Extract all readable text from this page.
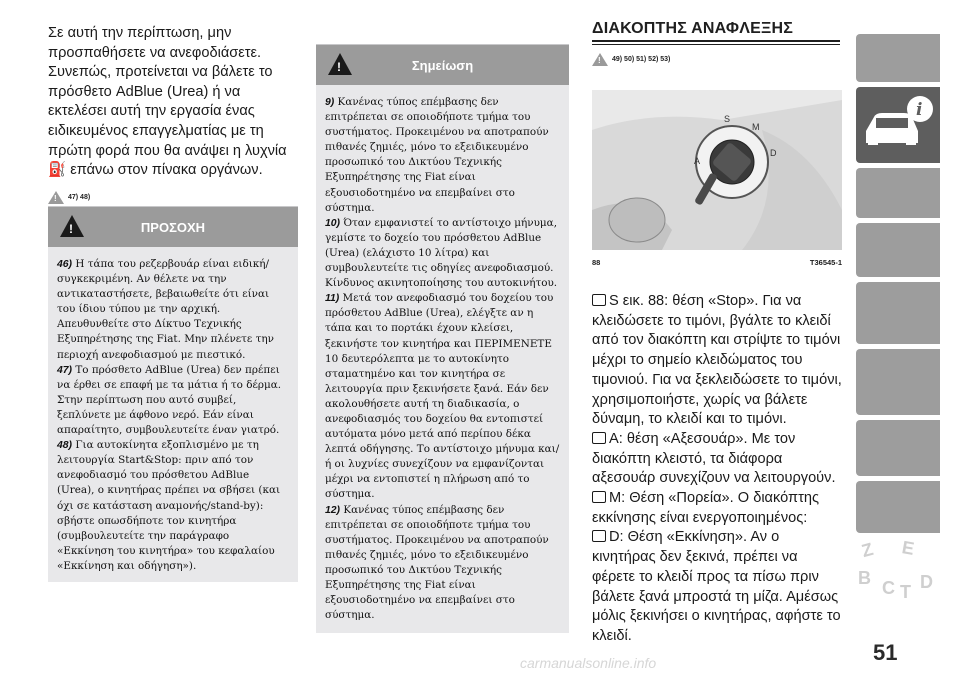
Σε αυτή την περίπτωση, μην προσπαθήσετε να ανεφοδιάσετε. Συνεπώς, προτείνεται να βάλετε το πρόσθετο AdBlue (Urea) ή να εκτελέσει αυτή την εργασία ένας ειδικευμένος επαγγελματίας με τη πρώτη φορά που θα ανάψει η λυχνία ⛽ επάνω στον πίνακα οργάνων.
!
47) 48)
!
ΠΡΟΣΟΧΗ

46) Η τάπα του ρεζερβουάρ είναι ειδική/συγκεκριμένη. Αν θέλετε να την αντικαταστήσετε, βεβαιωθείτε ότι είναι του ίδιου τύπου με την αρχική. Απευθυνθείτε στο Δίκτυο Τεχνικής Εξυπηρέτησης της Fiat. Μην πλένετε την περιοχή ανεφοδιασμού με πιεστικό.

47) Το πρόσθετο AdBlue (Urea) δεν πρέπει να έρθει σε επαφή με τα μάτια ή το δέρμα. Στην περίπτωση που αυτό συμβεί, ξεπλύνετε με άφθονο νερό. Εάν είναι απαραίτητο, συμβουλευτείτε έναν γιατρό.

48) Για αυτοκίνητα εξοπλισμένο με τη λειτουργία Start&Stop: πριν από τον ανεφοδιασμό του πρόσθετου AdBlue (Urea), ο κινητήρας πρέπει να σβήσει (και όχι σε κατάσταση αναμονής/stand-by): σβήστε οπωσδήποτε τον κινητήρα (συμβουλευτείτε την παράγραφο «Εκκίνηση του κινητήρα» του κεφαλαίου «Εκκίνηση και οδήγηση»).

!
Σημείωση

9) Κανένας τύπος επέμβασης δεν επιτρέπεται σε οποιοδήποτε τμήμα του συστήματος. Προκειμένου να αποτραπούν πιθανές ζημιές, μόνο το εξειδικευμένο προσωπικό του Δικτύου Τεχνικής Εξυπηρέτησης της Fiat είναι εξουσιοδοτημένο να επεμβαίνει στο σύστημα.

10) Όταν εμφανιστεί το αντίστοιχο μήνυμα, γεμίστε το δοχείο του πρόσθετου AdBlue (Urea) (ελάχιστο 10 λίτρα) και συμβουλευτείτε τις οδηγίες ανεφοδιασμού. Κίνδυνος ακινητοποίησης του αυτοκινήτου.

11) Μετά τον ανεφοδιασμό του δοχείου του πρόσθετου AdBlue (Urea), ελέγξτε αν η τάπα και το πορτάκι έχουν κλείσει, ξεκινήστε τον κινητήρα και ΠΕΡΙΜΕΝΕΤΕ 10 δευτερόλεπτα με το αυτοκίνητο σταματημένο και τον κινητήρα σε λειτουργία πριν ξεκινήσετε ξανά. Εάν δεν ακολουθήσετε αυτή τη διαδικασία, ο ανεφοδιασμός του δοχείου θα εντοπιστεί αυτόματα μόνο μετά από περίπου δέκα λεπτά οδήγησης. Το αντίστοιχο μήνυμα και/ή οι λυχνίες συνεχίζουν να εμφανίζονται μέχρι να εντοπιστεί η πλήρωση από το σύστημα.

12) Κανένας τύπος επέμβασης δεν επιτρέπεται σε οποιοδήποτε τμήμα του συστήματος. Προκειμένου να αποτραπούν πιθανές ζημιές, μόνο το εξειδικευμένο προσωπικό του Δικτύου Τεχνικής Εξυπηρέτησης της Fiat είναι εξουσιοδοτημένο να επεμβαίνει στο σύστημα.

ΔΙΑΚΟΠΤΗΣ ΑΝΑΦΛΕΞΗΣ
!
49) 50) 51) 52) 53)
S
A
M
D
88	T36545-1
S εικ. 88: θέση «Stop». Για να κλειδώσετε το τιμόνι, βγάλτε το κλειδί από τον διακόπτη και στρίψτε το τιμόνι μέχρι το σημείο κλειδώματος του τιμονιού. Για να ξεκλειδώσετε το τιμόνι, χρησιμοποιήστε, χωρίς να βάλετε δύναμη, το κλειδί και το τιμόνι.
A: θέση «Αξεσουάρ». Με τον διακόπτη κλειστό, τα διάφορα αξεσουάρ συνεχίζουν να λειτουργούν.
M: Θέση «Πορεία». Ο διακόπτης εκκίνησης είναι ενεργοποιημένος:
D: Θέση «Εκκίνηση». Αν ο κινητήρας δεν ξεκινά, πρέπει να φέρετε το κλειδί προς τα πίσω πριν βάλετε ξανά μπροστά τη μίζα. Αμέσως μόλις ξεκινήσει ο κινητήρας, αφήστε το κλειδί.
i
Z E
B C T D
51
carmanualsonline.info
